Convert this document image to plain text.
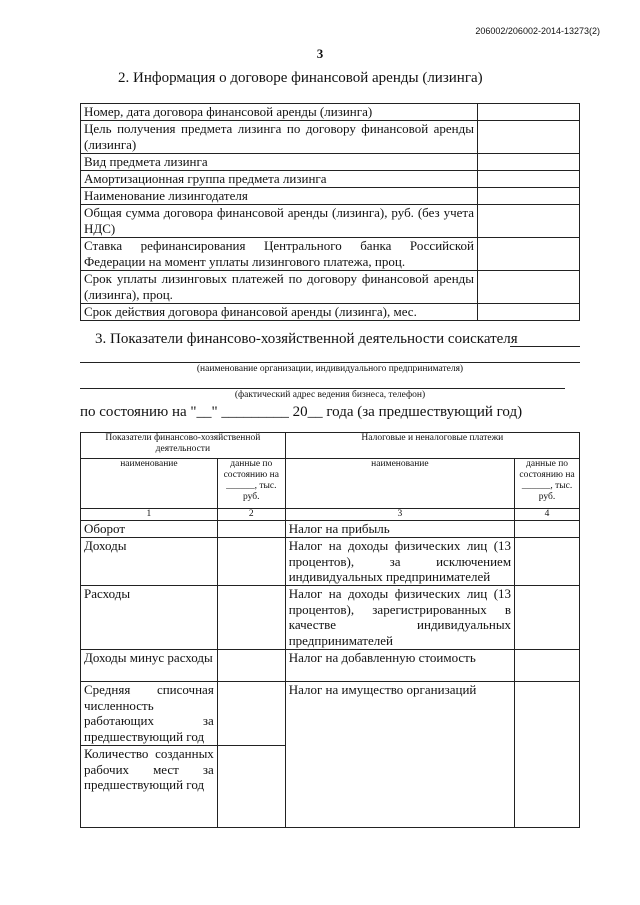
206002/206002-2014-13273(2)
3
2. Информация о договоре финансовой аренды (лизинга)
Номер, дата договора финансовой аренды (лизинга)	
Цель получения предмета лизинга по договору финансовой аренды (лизинга)	
Вид предмета лизинга	
Амортизационная группа предмета лизинга	
Наименование лизингодателя	
Общая сумма договора финансовой аренды (лизинга), руб. (без учета НДС)	
Ставка рефинансирования Центрального банка Российской Федерации на момент уплаты лизингового платежа, проц.	
Срок уплаты лизинговых платежей по договору финансовой аренды (лизинга), проц.	
Срок действия договора финансовой аренды (лизинга), мес.	
3. Показатели финансово-хозяйственной деятельности соискателя
(наименование организации, индивидуального предпринимателя)
(фактический адрес ведения бизнеса, телефон)
по состоянию на "__" _________ 20__ года (за предшествующий год)
Показатели финансово-хозяйственной деятельности		Налоговые и неналоговые платежи	
наименование	данные по состоянию на ______, тыс. руб.	наименование	данные по состоянию на ______, тыс. руб.
1	2	3	4
Оборот		Налог на прибыль	
Доходы		Налог на доходы физических лиц (13 процентов), за исключением индивидуальных предпринимателей	
Расходы		Налог на доходы физических лиц (13 процентов), зарегистрированных в качестве индивидуальных предпринимателей	
Доходы минус расходы		Налог на добавленную стоимость	
Средняя списочная численность работающих за предшествующий год		Налог на имущество организаций	
Количество созданных рабочих мест за предшествующий год			
